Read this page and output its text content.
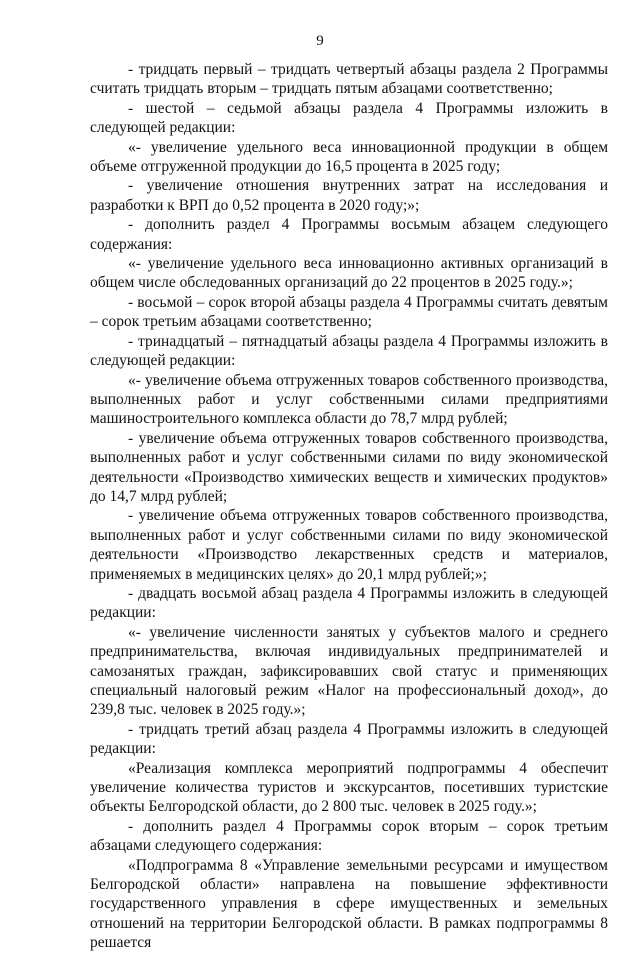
9

- тридцать первый – тридцать четвертый абзацы раздела 2 Программы считать тридцать вторым – тридцать пятым абзацами соответственно;

- шестой – седьмой абзацы раздела 4 Программы изложить в следующей редакции:

«- увеличение удельного веса инновационной продукции в общем объеме отгруженной продукции до 16,5 процента в 2025 году;

- увеличение отношения внутренних затрат на исследования и разработки к ВРП до 0,52 процента в 2020 году;»;

- дополнить раздел 4 Программы восьмым абзацем следующего содержания:

«- увеличение удельного веса инновационно активных организаций в общем числе обследованных организаций до 22 процентов в 2025 году.»;

- восьмой – сорок второй абзацы раздела 4 Программы считать девятым – сорок третьим абзацами соответственно;

- тринадцатый – пятнадцатый абзацы раздела 4 Программы изложить в следующей редакции:

«- увеличение объема отгруженных товаров собственного производства, выполненных работ и услуг собственными силами предприятиями машиностроительного комплекса области до 78,7 млрд рублей;

- увеличение объема отгруженных товаров собственного производства, выполненных работ и услуг собственными силами по виду экономической деятельности «Производство химических веществ и химических продуктов» до 14,7 млрд рублей;

- увеличение объема отгруженных товаров собственного производства, выполненных работ и услуг собственными силами по виду экономической деятельности «Производство лекарственных средств и материалов, применяемых в медицинских целях» до 20,1 млрд рублей;»;

- двадцать восьмой абзац раздела 4 Программы изложить в следующей редакции:

«- увеличение численности занятых у субъектов малого и среднего предпринимательства, включая индивидуальных предпринимателей и самозанятых граждан, зафиксировавших свой статус и применяющих специальный налоговый режим «Налог на профессиональный доход», до 239,8 тыс. человек в 2025 году.»;

- тридцать третий абзац раздела 4 Программы изложить в следующей редакции:

«Реализация комплекса мероприятий подпрограммы 4 обеспечит увеличение количества туристов и экскурсантов, посетивших туристские объекты Белгородской области, до 2 800 тыс. человек в 2025 году.»;

- дополнить раздел 4 Программы сорок вторым – сорок третьим абзацами следующего содержания:

«Подпрограмма 8 «Управление земельными ресурсами и имуществом Белгородской области» направлена на повышение эффективности государственного управления в сфере имущественных и земельных отношений на территории Белгородской области. В рамках подпрограммы 8 решается
